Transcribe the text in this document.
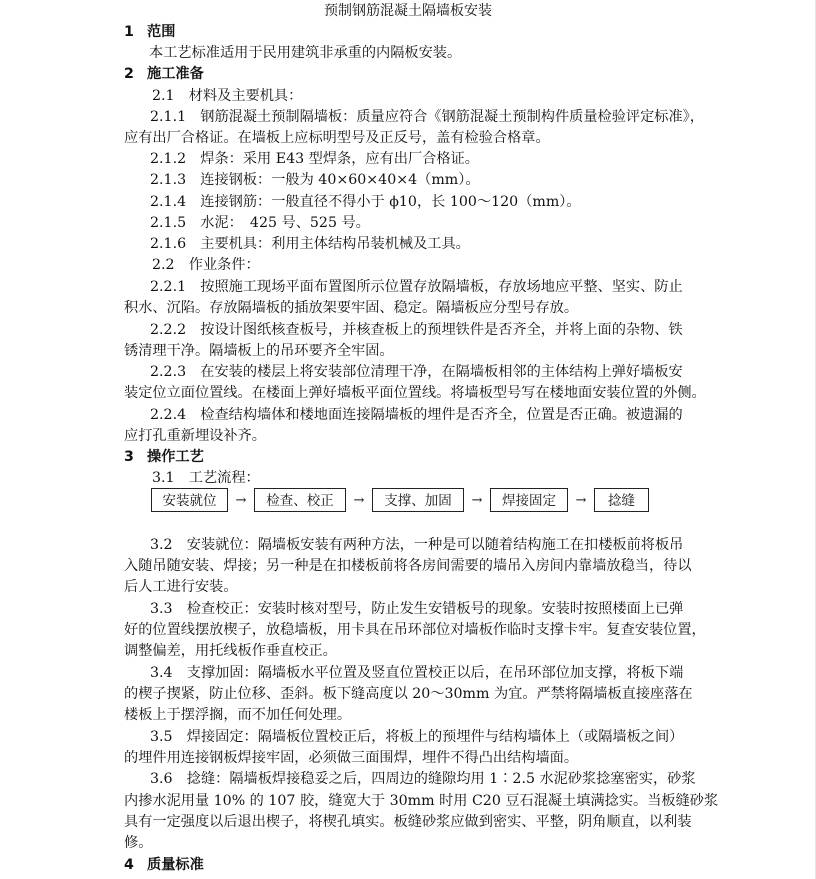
预制钢筋混凝土隔墙板安装
1 范围
本工艺标准适用于民用建筑非承重的内隔板安装。
2 施工准备
2.1　材料及主要机具：
2.1.1　钢筋混凝土预制隔墙板：质量应符合《钢筋混凝土预制构件质量检验评定标准》，
应有出厂合格证。在墙板上应标明型号及正反号，盖有检验合格章。
2.1.2　焊条：采用 E43 型焊条，应有出厂合格证。
2.1.3　连接钢板：一般为 40×60×40×4（mm）。
2.1.4　连接钢筋：一般直径不得小于 ϕ10，长 100～120（mm）。
2.1.5　水泥：　425 号、525 号。
2.1.6　主要机具：利用主体结构吊装机械及工具。
2.2　作业条件：
2.2.1　按照施工现场平面布置图所示位置存放隔墙板，存放场地应平整、坚实、防止
积水、沉陷。存放隔墙板的插放架要牢固、稳定。隔墙板应分型号存放。
2.2.2　按设计图纸核查板号，并核查板上的预埋铁件是否齐全，并将上面的杂物、铁
锈清理干净。隔墙板上的吊环要齐全牢固。
2.2.3　在安装的楼层上将安装部位清理干净，在隔墙板相邻的主体结构上弹好墙板安
装定位立面位置线。在楼面上弹好墙板平面位置线。将墙板型号写在楼地面安装位置的外侧。
2.2.4　检查结构墙体和楼地面连接隔墙板的埋件是否齐全，位置是否正确。被遗漏的
应打孔重新埋设补齐。
3 操作工艺
3.1　工艺流程：
安装就位	→	检查、校正	→	支撑、加固	→	焊接固定	→	捻缝
3.2　安装就位：隔墙板安装有两种方法，一种是可以随着结构施工在扣楼板前将板吊
入随吊随安装、焊接；另一种是在扣楼板前将各房间需要的墙吊入房间内靠墙放稳当，待以
后人工进行安装。
3.3　检查校正：安装时核对型号，防止发生安错板号的现象。安装时按照楼面上已弹
好的位置线摆放楔子，放稳墙板，用卡具在吊环部位对墙板作临时支撑卡牢。复查安装位置，
调整偏差，用托线板作垂直校正。
3.4　支撑加固：隔墙板水平位置及竖直位置校正以后，在吊环部位加支撑，将板下端
的楔子揳紧，防止位移、歪斜。板下缝高度以 20～30mm 为宜。严禁将隔墙板直接座落在
楼板上于摆浮搁，而不加任何处理。
3.5　焊接固定：隔墙板位置校正后，将板上的预埋件与结构墙体上（或隔墙板之间）
的埋件用连接钢板焊接牢固，必须做三面围焊，埋件不得凸出结构墙面。
3.6　捻缝：隔墙板焊接稳妥之后，四周边的缝隙均用 1∶2.5 水泥砂浆捻塞密实，砂浆
内掺水泥用量 10% 的 107 胶，缝宽大于 30mm 时用 C20 豆石混凝土填满捻实。当板缝砂浆
具有一定强度以后退出楔子，将楔孔填实。板缝砂浆应做到密实、平整，阴角顺直，以利装
修。
4 质量标准
